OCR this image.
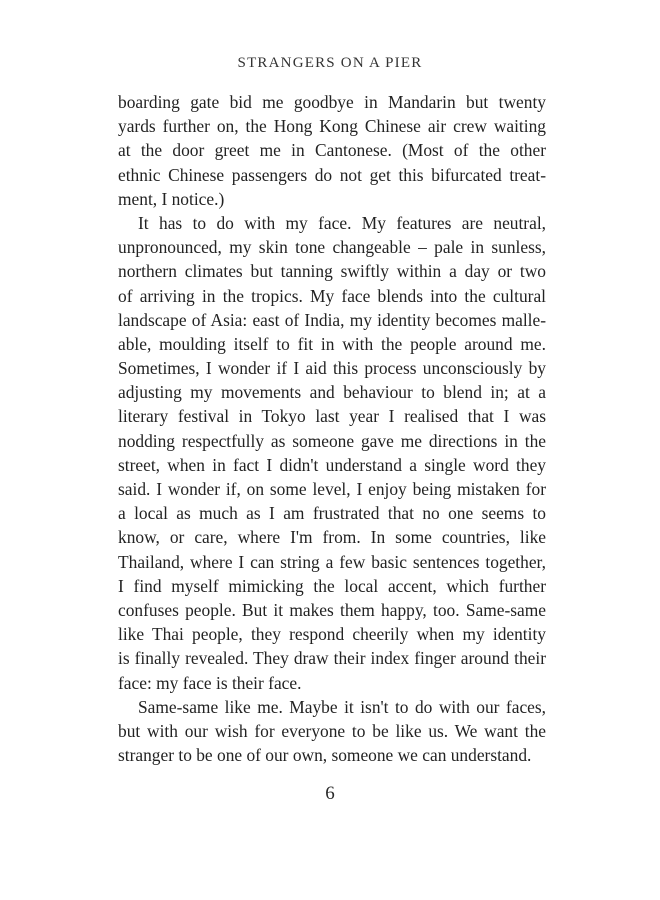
STRANGERS ON A PIER
boarding gate bid me goodbye in Mandarin but twenty
yards further on, the Hong Kong Chinese air crew waiting
at the door greet me in Cantonese. (Most of the other
ethnic Chinese passengers do not get this bifurcated treat-
ment, I notice.)
It has to do with my face. My features are neutral,
unpronounced, my skin tone changeable – pale in sunless,
northern climates but tanning swiftly within a day or two
of arriving in the tropics. My face blends into the cultural
landscape of Asia: east of India, my identity becomes malle-
able, moulding itself to fit in with the people around me.
Sometimes, I wonder if I aid this process unconsciously by
adjusting my movements and behaviour to blend in; at a
literary festival in Tokyo last year I realised that I was
nodding respectfully as someone gave me directions in the
street, when in fact I didn't understand a single word they
said. I wonder if, on some level, I enjoy being mistaken for
a local as much as I am frustrated that no one seems to
know, or care, where I'm from. In some countries, like
Thailand, where I can string a few basic sentences together,
I find myself mimicking the local accent, which further
confuses people. But it makes them happy, too. Same-same
like Thai people, they respond cheerily when my identity
is finally revealed. They draw their index finger around their
face: my face is their face.
Same-same like me. Maybe it isn't to do with our faces,
but with our wish for everyone to be like us. We want the
stranger to be one of our own, someone we can understand.
6
